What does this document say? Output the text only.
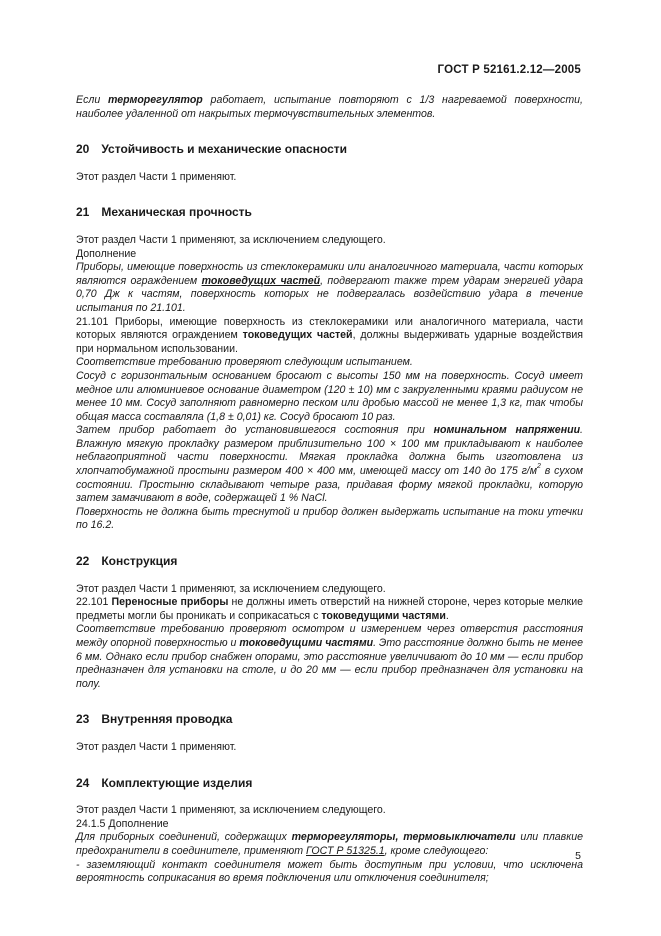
ГОСТ Р 52161.2.12—2005

Если терморегулятор работает, испытание повторяют с 1/3 нагреваемой поверхности, наиболее удаленной от накрытых термочувствительных элементов.

20 Устойчивость и механические опасности

Этот раздел Части 1 применяют.

21 Механическая прочность

Этот раздел Части 1 применяют, за исключением следующего.

Дополнение

Приборы, имеющие поверхность из стеклокерамики или аналогичного материала, части которых являются ограждением токоведущих частей, подвергают также трем ударам энергией удара 0,70 Дж к частям, поверхность которых не подвергалась воздействию удара в течение испытания по 21.101.

21.101 Приборы, имеющие поверхность из стеклокерамики или аналогичного материала, части которых являются ограждением токоведущих частей, должны выдерживать ударные воздействия при нормальном использовании.

Соответствие требованию проверяют следующим испытанием.

Сосуд с горизонтальным основанием бросают с высоты 150 мм на поверхность. Сосуд имеет медное или алюминиевое основание диаметром (120 ± 10) мм с закругленными краями радиусом не менее 10 мм. Сосуд заполняют равномерно песком или дробью массой не менее 1,3 кг, так чтобы общая масса составляла (1,8 ± 0,01) кг. Сосуд бросают 10 раз.

Затем прибор работает до установившегося состояния при номинальном напряжении. Влажную мягкую прокладку размером приблизительно 100 × 100 мм прикладывают к наиболее неблагоприятной части поверхности. Мягкая прокладка должна быть изготовлена из хлопчатобумажной простыни размером 400 × 400 мм, имеющей массу от 140 до 175 $г/м^2$ в сухом состоянии. Простыню складывают четыре раза, придавая форму мягкой прокладки, которую затем замачивают в воде, содержащей 1 % NaCl.

Поверхность не должна быть треснутой и прибор должен выдержать испытание на токи утечки по 16.2.

22 Конструкция

Этот раздел Части 1 применяют, за исключением следующего.

22.101 Переносные приборы не должны иметь отверстий на нижней стороне, через которые мелкие предметы могли бы проникать и соприкасаться с токоведущими частями.

Соответствие требованию проверяют осмотром и измерением через отверстия расстояния между опорной поверхностью и токоведущими частями. Это расстояние должно быть не менее 6 мм. Однако если прибор снабжен опорами, это расстояние увеличивают до 10 мм — если прибор предназначен для установки на столе, и до 20 мм — если прибор предназначен для установки на полу.

23 Внутренняя проводка

Этот раздел Части 1 применяют.

24 Комплектующие изделия

Этот раздел Части 1 применяют, за исключением следующего.

24.1.5 Дополнение

Для приборных соединений, содержащих терморегуляторы, термовыключатели или плавкие предохранители в соединителе, применяют ГОСТ Р 51325.1, кроме следующего:

- заземляющий контакт соединителя может быть доступным при условии, что исключена вероятность соприкасания во время подключения или отключения соединителя;

5
